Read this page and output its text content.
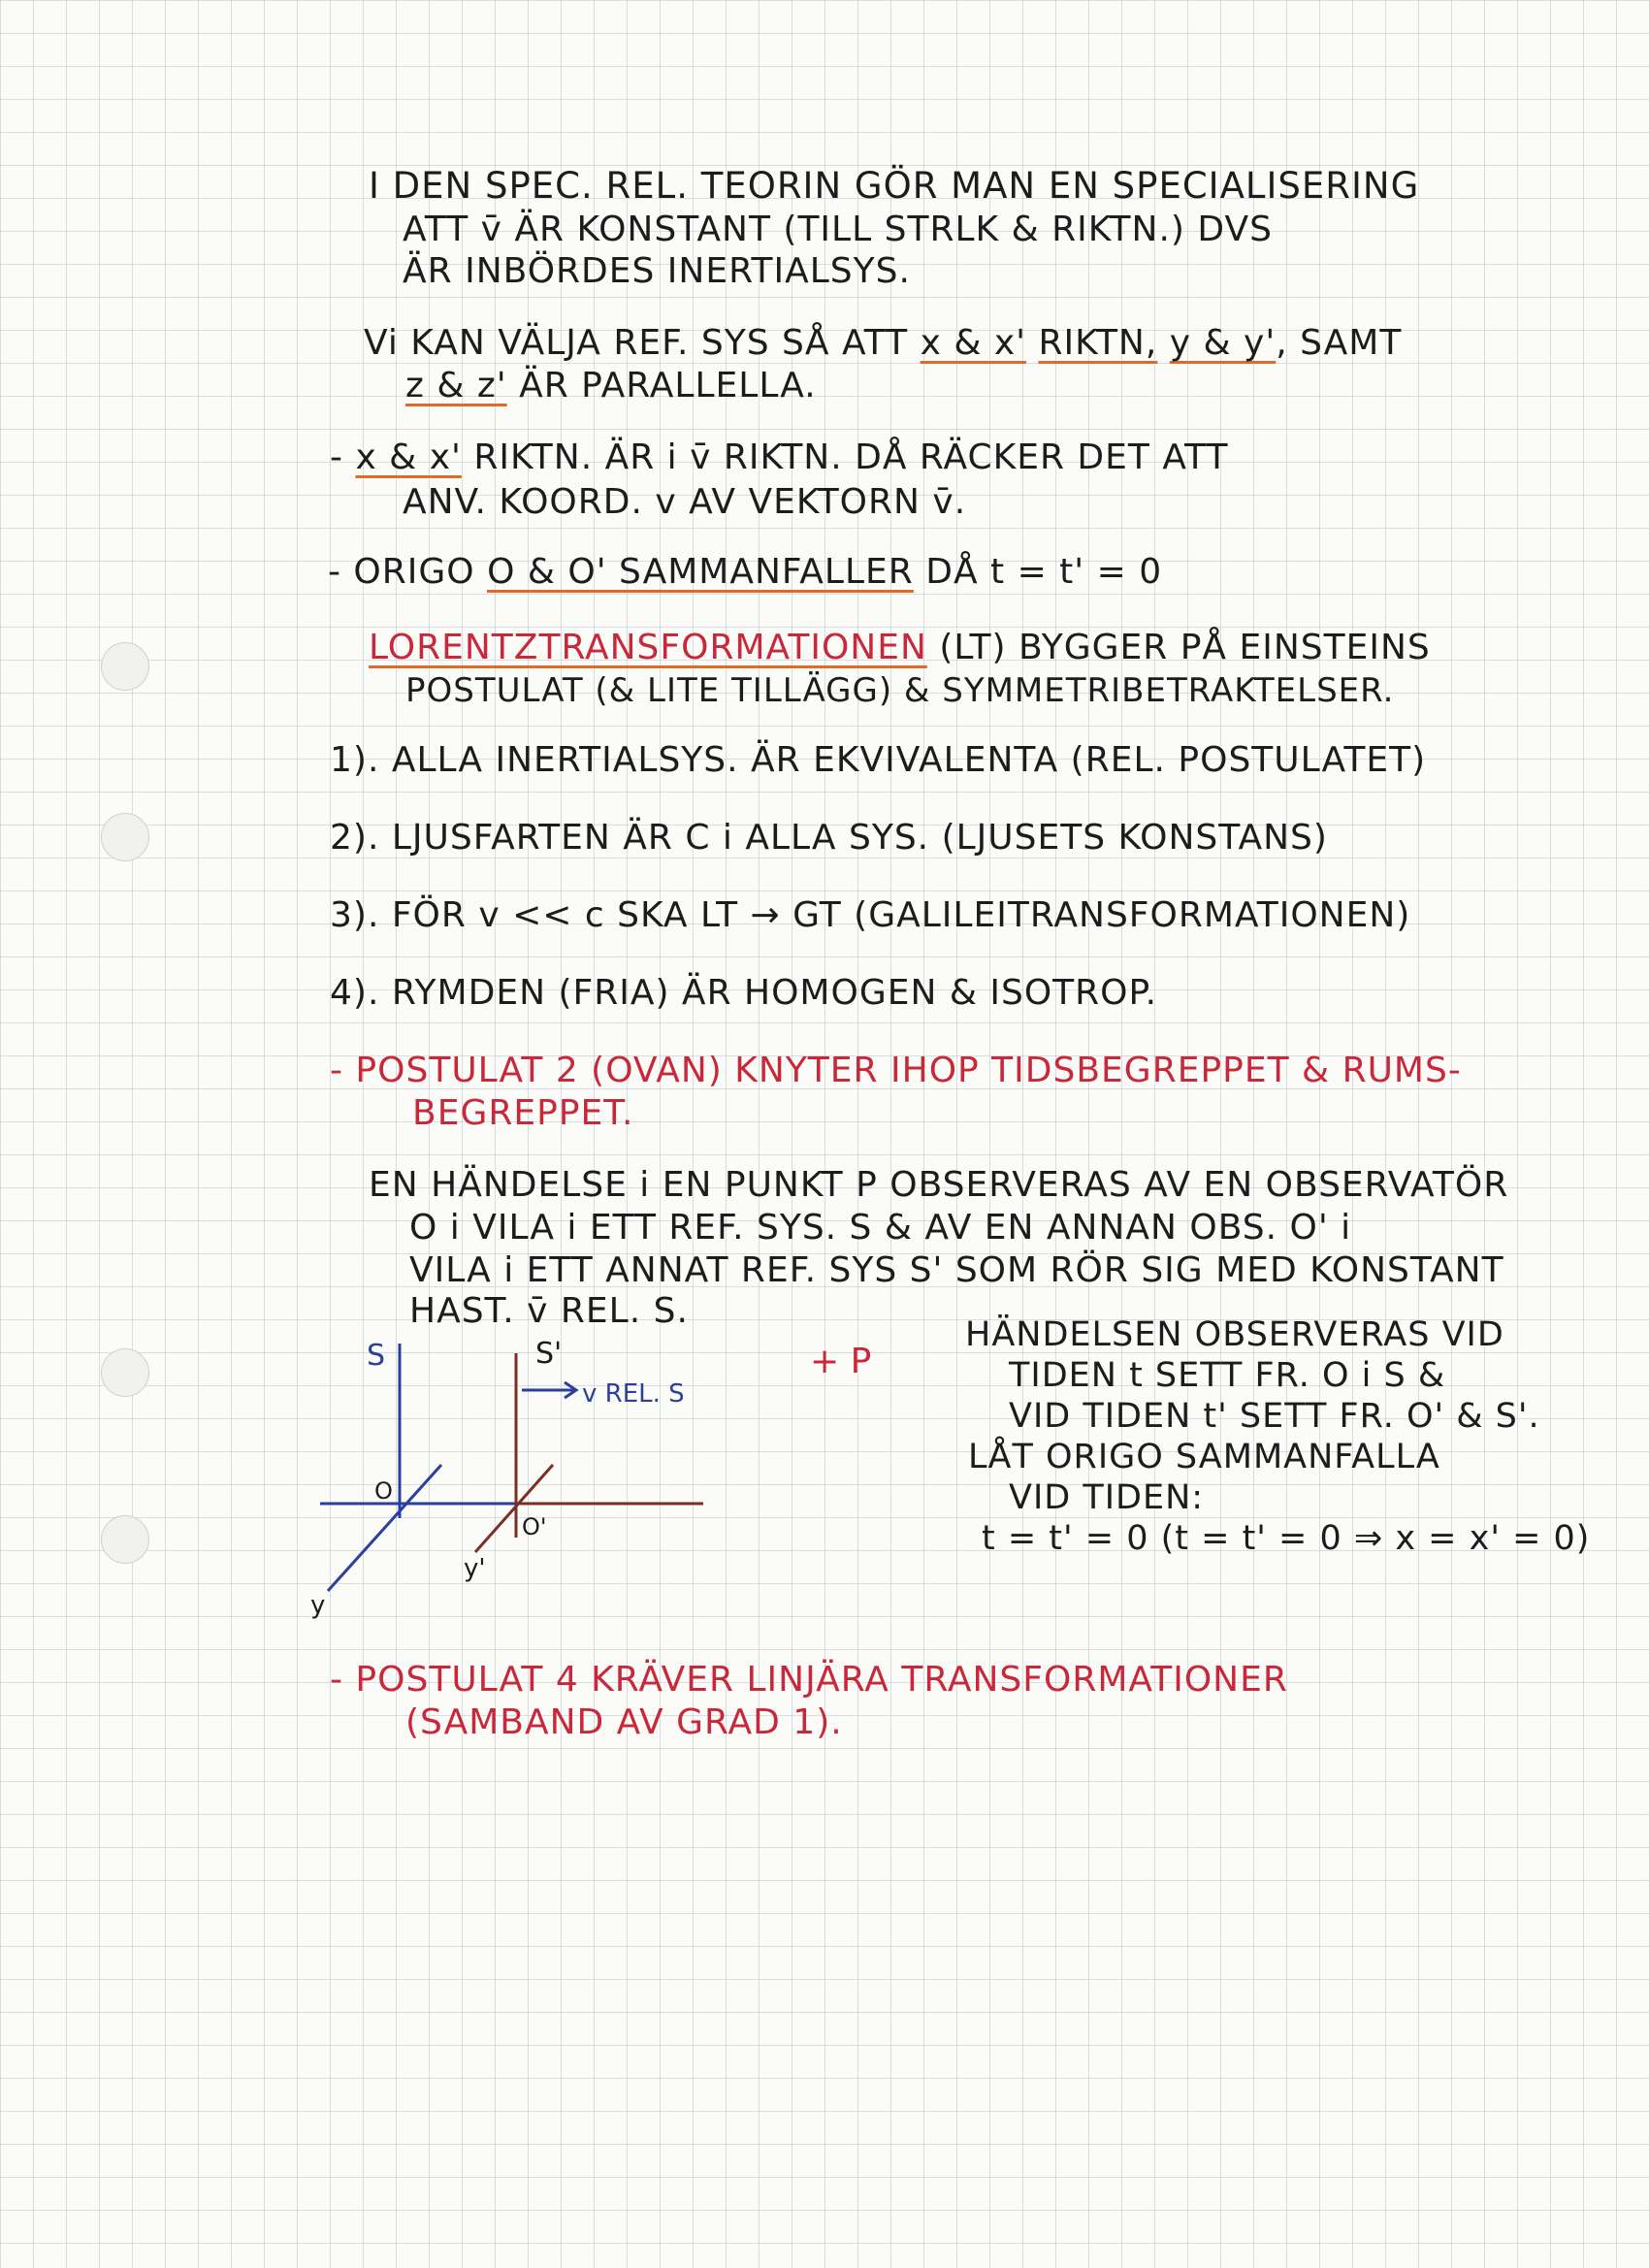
I DEN SPEC. REL. TEORIN GÖR MAN EN SPECIALISERING
ATT v̄ ÄR KONSTANT (TILL STRLK & RIKTN.) DVS
ÄR INBÖRDES INERTIALSYS.
Vi KAN VÄLJA REF. SYS SÅ ATT x & x' RIKTN, y & y', SAMT
z & z' ÄR PARALLELLA.
- x & x' RIKTN. ÄR i v̄ RIKTN. DÅ RÄCKER DET ATT
ANV. KOORD. v AV VEKTORN v̄.
- ORIGO O & O' SAMMANFALLER DÅ t = t' = 0
LORENTZTRANSFORMATIONEN (LT) BYGGER PÅ EINSTEINS
POSTULAT (& LITE TILLÄGG) & SYMMETRIBETRAKTELSER.
1). ALLA INERTIALSYS. ÄR EKVIVALENTA (REL. POSTULATET)
2). LJUSFARTEN ÄR C i ALLA SYS. (LJUSETS KONSTANS)
3). FÖR v << c SKA LT → GT (GALILEITRANSFORMATIONEN)
4). RYMDEN (FRIA) ÄR HOMOGEN & ISOTROP.
- POSTULAT 2 (OVAN) KNYTER IHOP TIDSBEGREPPET & RUMS-
BEGREPPET.
EN HÄNDELSE i EN PUNKT P OBSERVERAS AV EN OBSERVATÖR
O i VILA i ETT REF. SYS. S & AV EN ANNAN OBS. O' i
VILA i ETT ANNAT REF. SYS S' SOM RÖR SIG MED KONSTANT
HAST. v̄ REL. S.
S	S'
v REL. S
+ P
O
O'
y'
y
HÄNDELSEN OBSERVERAS VID
TIDEN t SETT FR. O i S &
VID TIDEN t' SETT FR. O' & S'.
LÅT ORIGO SAMMANFALLA
VID TIDEN:
t = t' = 0 (t = t' = 0 ⇒ x = x' = 0)
- POSTULAT 4 KRÄVER LINJÄRA TRANSFORMATIONER
(SAMBAND AV GRAD 1).
